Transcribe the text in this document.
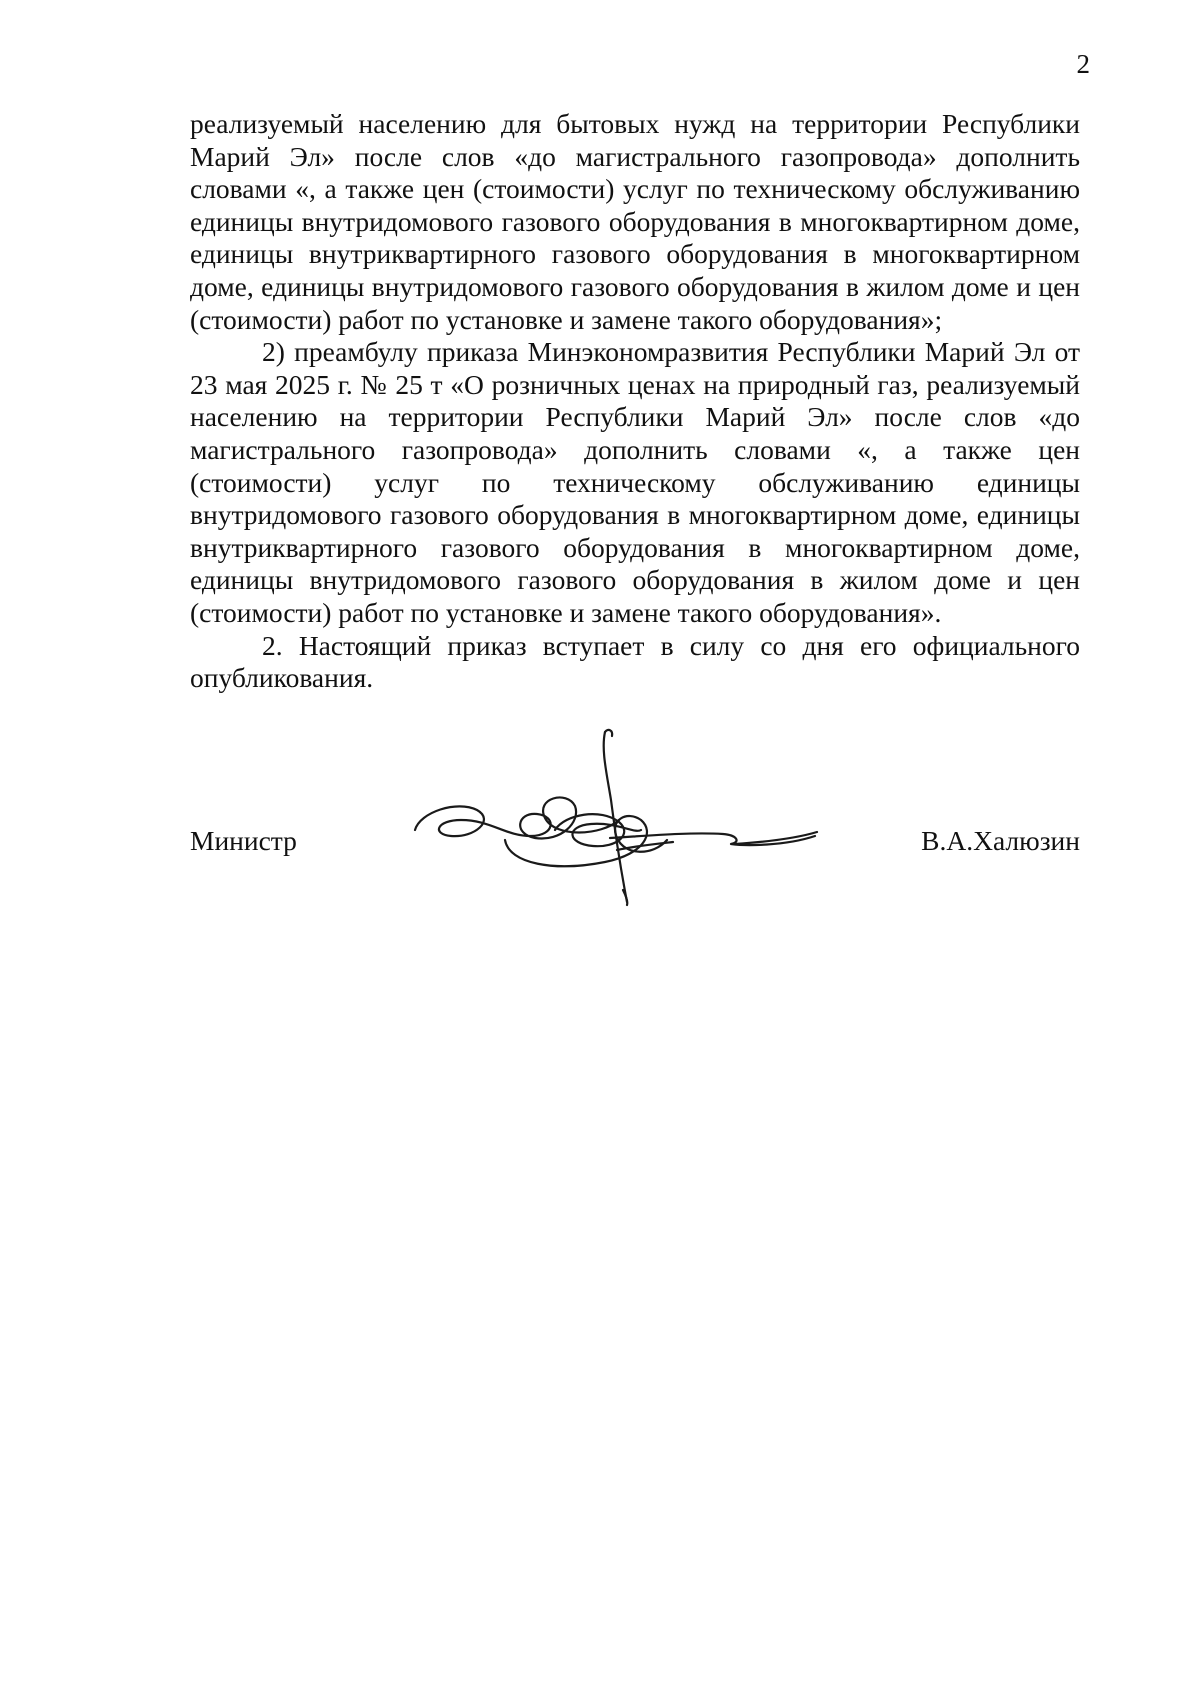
2

реализуемый населению для бытовых нужд на территории Республики Марий Эл» после слов «до магистрального газопровода» дополнить словами «, а также цен (стоимости) услуг по техническому обслуживанию единицы внутридомового газового оборудования в многоквартирном доме, единицы внутриквартирного газового оборудования в многоквартирном доме, единицы внутридомового газового оборудования в жилом доме и цен (стоимости) работ по установке и замене такого оборудования»;

2) преамбулу приказа Минэкономразвития Республики Марий Эл от 23 мая 2025 г. № 25 т «О розничных ценах на природный газ, реализуемый населению на территории Республики Марий Эл» после слов «до магистрального газопровода» дополнить словами «, а также цен (стоимости) услуг по техническому обслуживанию единицы внутридомового газового оборудования в многоквартирном доме, единицы внутриквартирного газового оборудования в многоквартирном доме, единицы внутридомового газового оборудования в жилом доме и цен (стоимости) работ по установке и замене такого оборудования».

2. Настоящий приказ вступает в силу со дня его официального опубликования.

Министр	В.А.Халюзин
